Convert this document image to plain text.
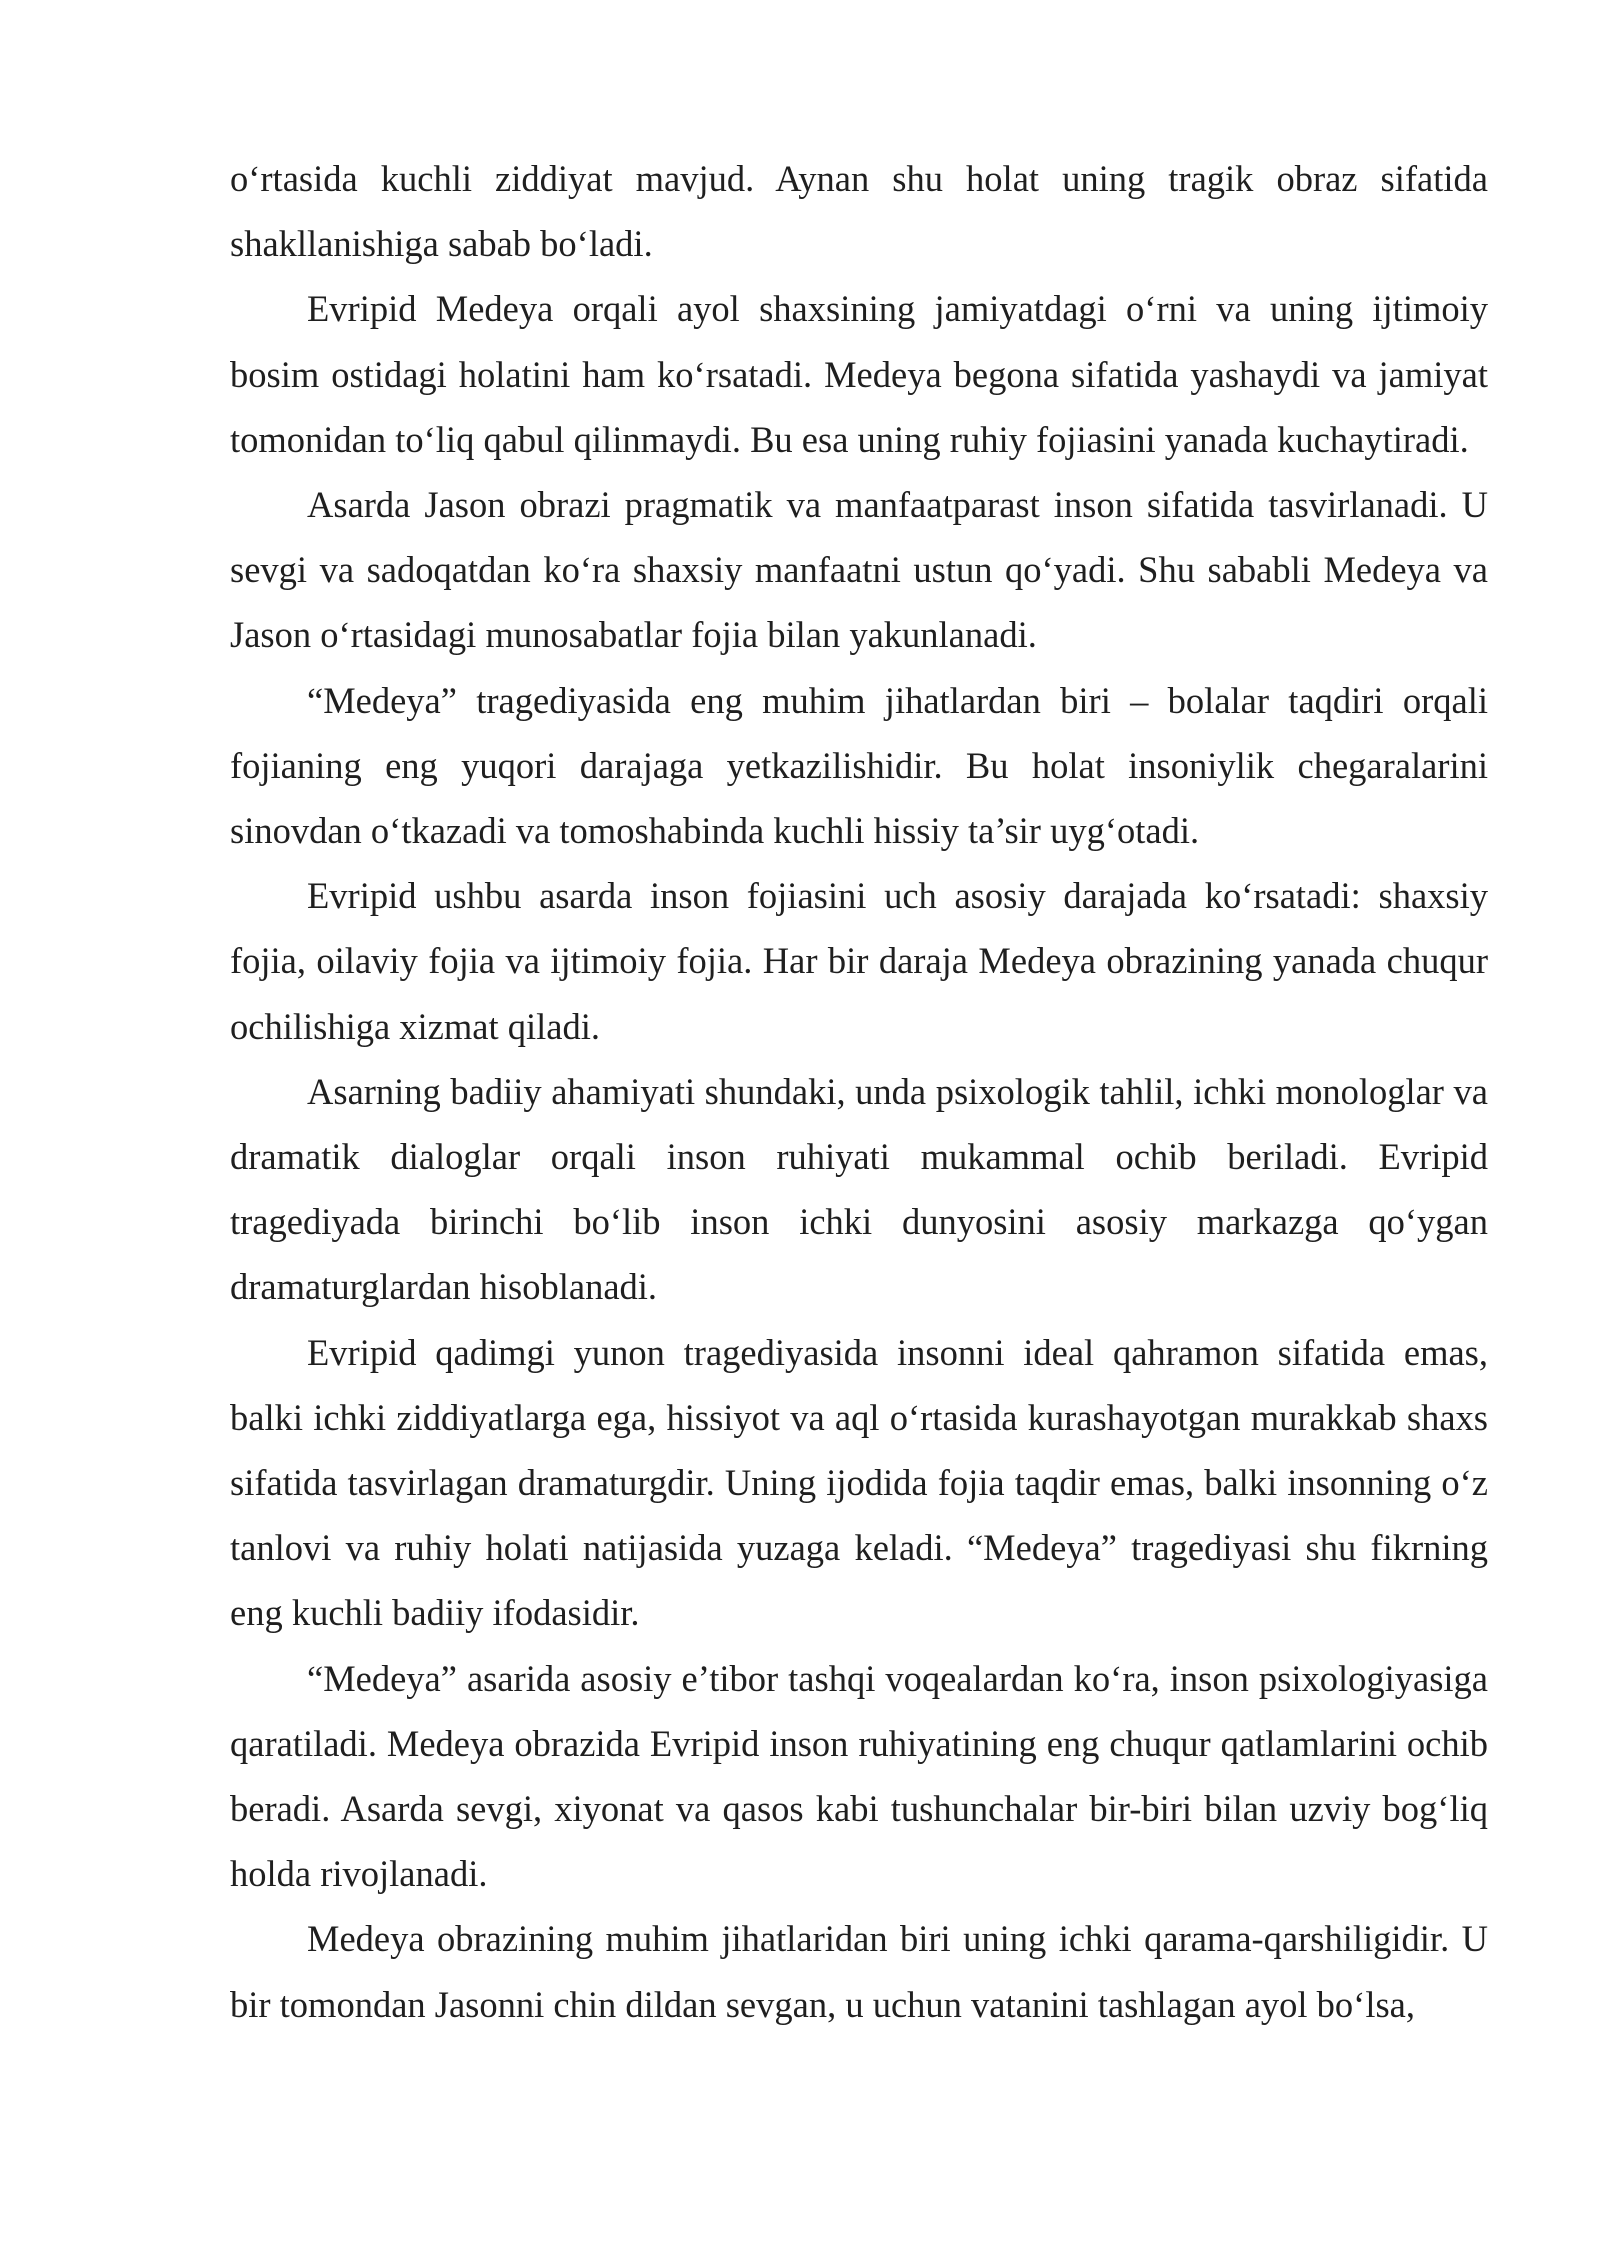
o‘rtasida kuchli ziddiyat mavjud. Aynan shu holat uning tragik obraz sifatida shakllanishiga sabab bo‘ladi.

Evripid Medeya orqali ayol shaxsining jamiyatdagi o‘rni va uning ijtimoiy bosim ostidagi holatini ham ko‘rsatadi. Medeya begona sifatida yashaydi va jamiyat tomonidan to‘liq qabul qilinmaydi. Bu esa uning ruhiy fojiasini yanada kuchaytiradi.

Asarda Jason obrazi pragmatik va manfaatparast inson sifatida tasvirlanadi. U sevgi va sadoqatdan ko‘ra shaxsiy manfaatni ustun qo‘yadi. Shu sababli Medeya va Jason o‘rtasidagi munosabatlar fojia bilan yakunlanadi.

“Medeya” tragediyasida eng muhim jihatlardan biri – bolalar taqdiri orqali fojianing eng yuqori darajaga yetkazilishidir. Bu holat insoniylik chegaralarini sinovdan o‘tkazadi va tomoshabinda kuchli hissiy ta’sir uyg‘otadi.

Evripid ushbu asarda inson fojiasini uch asosiy darajada ko‘rsatadi: shaxsiy fojia, oilaviy fojia va ijtimoiy fojia. Har bir daraja Medeya obrazining yanada chuqur ochilishiga xizmat qiladi.

Asarning badiiy ahamiyati shundaki, unda psixologik tahlil, ichki monologlar va dramatik dialoglar orqali inson ruhiyati mukammal ochib beriladi. Evripid tragediyada birinchi bo‘lib inson ichki dunyosini asosiy markazga qo‘ygan dramaturglardan hisoblanadi.

Evripid qadimgi yunon tragediyasida insonni ideal qahramon sifatida emas, balki ichki ziddiyatlarga ega, hissiyot va aql o‘rtasida kurashayotgan murakkab shaxs sifatida tasvirlagan dramaturgdir. Uning ijodida fojia taqdir emas, balki insonning o‘z tanlovi va ruhiy holati natijasida yuzaga keladi. “Medeya” tragediyasi shu fikrning eng kuchli badiiy ifodasidir.

“Medeya” asarida asosiy e’tibor tashqi voqealardan ko‘ra, inson psixologiyasiga qaratiladi. Medeya obrazida Evripid inson ruhiyatining eng chuqur qatlamlarini ochib beradi. Asarda sevgi, xiyonat va qasos kabi tushunchalar bir-biri bilan uzviy bog‘liq holda rivojlanadi.

Medeya obrazining muhim jihatlaridan biri uning ichki qarama-qarshiligidir. U bir tomondan Jasonni chin dildan sevgan, u uchun vatanini tashlagan ayol bo‘lsa,
